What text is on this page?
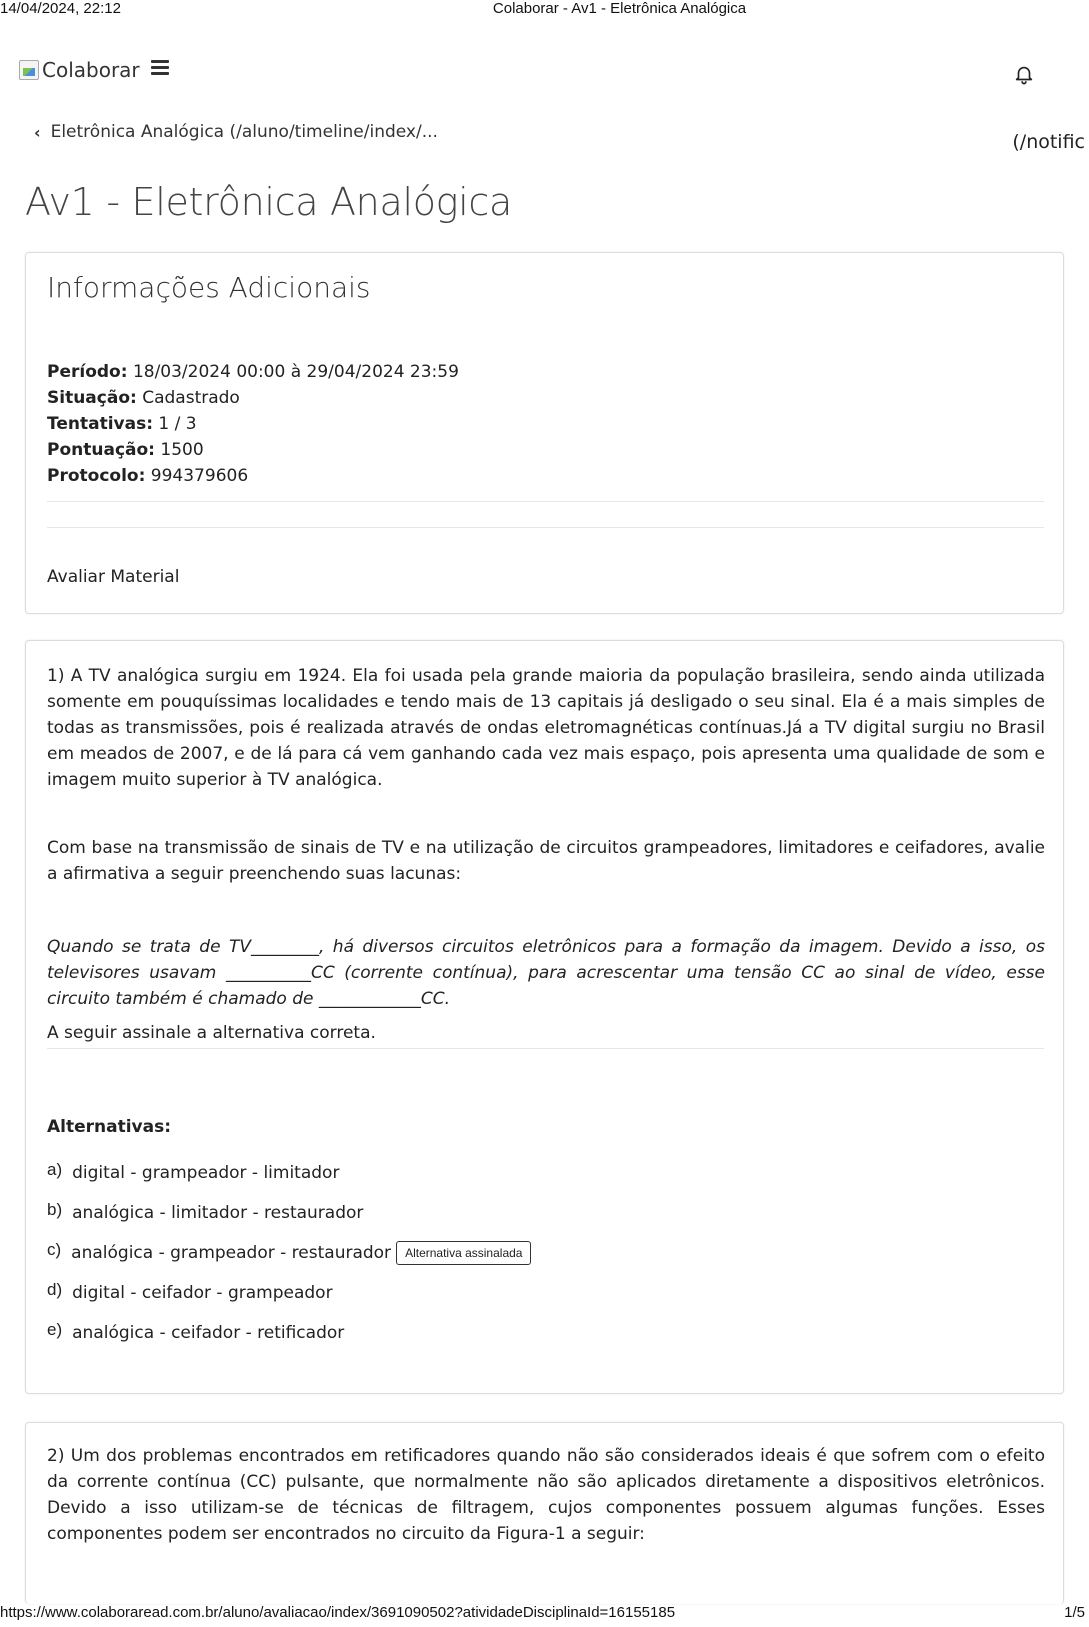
14/04/2024, 22:12	Colaborar - Av1 - Eletrônica Analógica
Colaborar
‹ Eletrônica Analógica (/aluno/timeline/index/...	(/notific
Av1 - Eletrônica Analógica
Informações Adicionais
Período: 18/03/2024 00:00 à 29/04/2024 23:59
Situação: Cadastrado
Tentativas: 1 / 3
Pontuação: 1500
Protocolo: 994379606
Avaliar Material
1) A TV analógica surgiu em 1924. Ela foi usada pela grande maioria da população brasileira, sendo ainda utilizada somente em pouquíssimas localidades e tendo mais de 13 capitais já desligado o seu sinal. Ela é a mais simples de todas as transmissões, pois é realizada através de ondas eletromagnéticas contínuas.Já a TV digital surgiu no Brasil em meados de 2007, e de lá para cá vem ganhando cada vez mais espaço, pois apresenta uma qualidade de som e imagem muito superior à TV analógica.
Com base na transmissão de sinais de TV e na utilização de circuitos grampeadores, limitadores e ceifadores, avalie a afirmativa a seguir preenchendo suas lacunas:
Quando se trata de TV________, há diversos circuitos eletrônicos para a formação da imagem. Devido a isso, os televisores usavam __________CC (corrente contínua), para acrescentar uma tensão CC ao sinal de vídeo, esse circuito também é chamado de ____________CC.
A seguir assinale a alternativa correta.
Alternativas:
a) digital - grampeador - limitador
b) analógica - limitador - restaurador
c) analógica - grampeador - restaurador	Alternativa assinalada
d) digital - ceifador - grampeador
e) analógica - ceifador - retificador
2) Um dos problemas encontrados em retificadores quando não são considerados ideais é que sofrem com o efeito da corrente contínua (CC) pulsante, que normalmente não são aplicados diretamente a dispositivos eletrônicos. Devido a isso utilizam-se de técnicas de filtragem, cujos componentes possuem algumas funções. Esses componentes podem ser encontrados no circuito da Figura-1 a seguir:
https://www.colaboraread.com.br/aluno/avaliacao/index/3691090502?atividadeDisciplinaId=16155185	1/5
